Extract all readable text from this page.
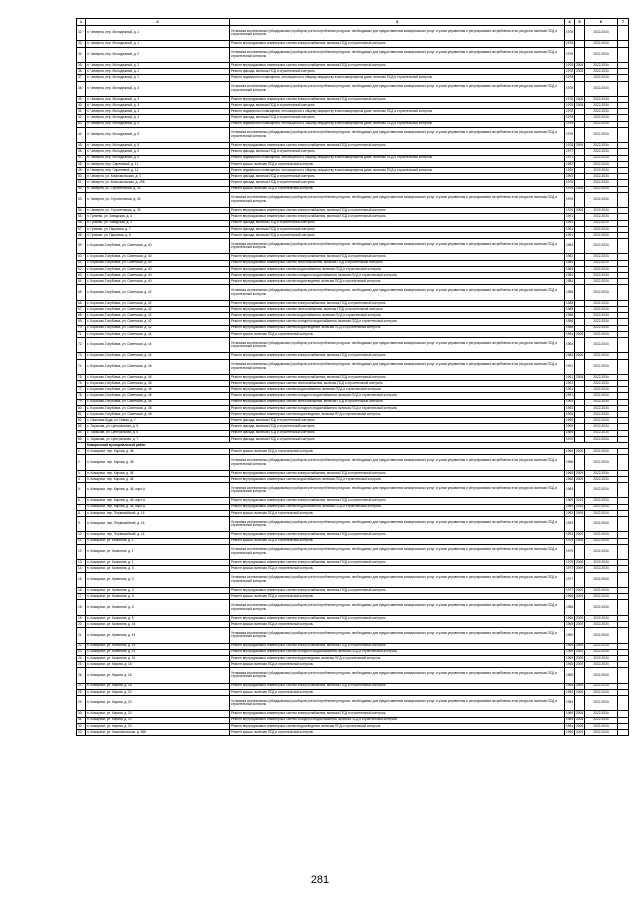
1	2	3	4	5	6	7
32.	п. Чемерна, пер. Молодежный, д. 1	Установка коллективных (общедомовых) приборов учета потребления ресурсов, необходимых для предоставления коммунальных услуг, и узлов управления и регулирования потребления этих ресурсов, включая ПСД и строительный контроль	1978		2022-2034	
33.	п. Чемерна, пер. Молодежный, д. 1	Ремонт внутридомовых инженерных систем электроснабжения, включая ПСД и строительный контроль	1978		2022-2034	
34.	п. Чемерна, пер. Молодежный, д. 2	Установка коллективных (общедомовых) приборов учета потребления ресурсов, необходимых для предоставления коммунальных услуг, и узлов управления и регулирования потребления этих ресурсов, включая ПСД и строительный контроль	1978		2022-2034	
35.	п. Чемерна, пер. Молодежный, д. 2	Ремонт внутридомовых инженерных систем электроснабжения, включая ПСД и строительный контроль	1978	2008	2022-2034	
36.	п. Чемерна, пер. Молодежный, д. 2	Ремонт фасада, включая ПСД и строительный контроль	1978	2008	2022-2034	
37.	п. Чемерна, пер. Молодежный, д. 2	Ремонт подвального помещения, относящегося к общему имуществу в многоквартирном доме, включая ПСД и строительный контроль	1978		2022-2034	
38.	п. Чемерна, пер. Молодежный, д. 3	Установка коллективных (общедомовых) приборов учета потребления ресурсов, необходимых для предоставления коммунальных услуг, и узлов управления и регулирования потребления этих ресурсов, включая ПСД и строительный контроль	1978		2022-2034	
39.	п. Чемерна, пер. Молодежный, д. 3	Ремонт внутридомовых инженерных систем электроснабжения, включая ПСД и строительный контроль	1978	2008	2022-2034	
40.	п. Чемерна, пер. Молодежный, д. 3	Ремонт фасада, включая ПСД и строительный контроль	1978	2008	2022-2034	
41.	п. Чемерна, пер. Молодежный, д. 3	Ремонт подвального помещения, относящегося к общему имуществу в многоквартирном доме, включая ПСД и строительный контроль	1978		2022-2034	
42.	п. Чемерна, пер. Молодежный, д. 4	Ремонт фасада, включая ПСД и строительный контроль	1978		2022-2034	
43.	п. Чемерна, пер. Молодежный, д. 4	Ремонт подвального помещения, относящегося к общему имуществу в многоквартирном доме, включая ПСД и строительный контроль	1978		2022-2034	
44.	п. Чемерна, пер. Молодежный, д. 5	Установка коллективных (общедомовых) приборов учета потребления ресурсов, необходимых для предоставления коммунальных услуг, и узлов управления и регулирования потребления этих ресурсов, включая ПСД и строительный контроль	1978		2022-2034	
45.	п. Чемерна, пер. Молодежный, д. 5	Ремонт внутридомовых инженерных систем электроснабжения, включая ПСД и строительный контроль	1978	2009	2022-2034	
46.	п. Чемерна, пер. Молодежный, д. 5	Ремонт фасада, включая ПСД и строительный контроль	1977		2022-2034	
47.	п. Чемерна, пер. Молодежный, д. 5	Ремонт подвального помещения, относящегося к общему имуществу в многоквартирном доме, включая ПСД и строительный контроль	1977		2022-2034	
48.	п. Чемерна, пер. Сиреневый, д. 12	Ремонт крыши, включая ПСД и строительный контроль	1982		2022-2034	
49.	п. Чемерна, пер. Сиреневый, д. 12	Ремонт подвального помещения, относящегося к общему имуществу в многоквартирном доме, включая ПСД и строительный контроль	1992		2022-2034	
50.	п. Чемерна, ул. Комсомольская, д. 1	Ремонт фасада, включая ПСД и строительный контроль	1992		2022-2034	
51.	п. Чемерна, ул. Комсомольская, д. 25Б	Ремонт фасада, включая ПСД и строительный контроль	1976		2022-2034	
52.	п. Чемерна, ул. Строительная, д. 30	Ремонт крыши, включая ПСД и строительный контроль	1976	2008	2022-2034	
53.	п. Чемерна, ул. Строительная, д. 30	Установка коллективных (общедомовых) приборов учета потребления ресурсов, необходимых для предоставления коммунальных услуг, и узлов управления и регулирования потребления этих ресурсов, включая ПСД и строительный контроль	1976		2022-2034	
54.	п. Чемерна, ул. Строительная, д. 30	Ремонт внутридомовых инженерных систем электроснабжения, включая ПСД и строительный контроль	1976	2008	2022-2034	
55.	п. Гуляево, ул. Заводская, д. 4	Ремонт внутридомовых инженерных систем электроснабжения, включая ПСД и строительный контроль	1991		2022-2034	
56.	п. Гуляево, ул. Заводская, д. 4	Ремонт фасада, включая ПСД и строительный контроль	1991		2022-2034	
57.	п. Гуляево, ул. Парковая, д. 7	Ремонт фасада, включая ПСД и строительный контроль	1991		2022-2034	
58.	п. Гуляево, ул. Парковая, д. 8	Ремонт фасада, включая ПСД и строительный контроль	1991		2022-2034	
59.	с. Корсково-Голубовка, ул. Советская, д. 40	Установка коллективных (общедомовых) приборов учета потребления ресурсов, необходимых для предоставления коммунальных услуг, и узлов управления и регулирования потребления этих ресурсов, включая ПСД и строительный контроль	1984		2022-2034	
60.	с. Корсково-Голубовка, ул. Советская, д. 40	Ремонт внутридомовых инженерных систем электроснабжения, включая ПСД и строительный контроль	1984		2022-2034	
61.	с. Корсково-Голубовка, ул. Советская, д. 40	Ремонт внутридомовых инженерных систем теплоснабжения, включая ПСД и строительный контроль	1984		2022-2034	
62.	с. Корсково-Голубовка, ул. Советская, д. 40	Ремонт внутридомовых инженерных систем водоснабжения, включая ПСД и строительный контроль	1984		2022-2034	
63.	с. Корсково-Голубовка, ул. Советская, д. 40	Ремонт внутридомовых инженерных систем холодного водоснабжения, включая ПСД и строительный контроль	1984		2022-2034	
64.	с. Корсково-Голубовка, ул. Советская, д. 40	Ремонт внутридомовых инженерных систем водоотведения, включая ПСД и строительный контроль	1984		2022-2034	
65.	с. Корсково-Голубовка, ул. Советская, д. 42	Установка коллективных (общедомовых) приборов учета потребления ресурсов, необходимых для предоставления коммунальных услуг, и узлов управления и регулирования потребления этих ресурсов, включая ПСД и строительный контроль	1988		2022-2034	
66.	с. Корсково-Голубовка, ул. Советская, д. 42	Ремонт внутридомовых инженерных систем электроснабжения, включая ПСД и строительный контроль	1988		2022-2034	
67.	с. Корсково-Голубовка, ул. Советская, д. 42	Ремонт внутридомовых инженерных систем теплоснабжения, включая ПСД и строительный контроль	1988		2022-2034	
68.	с. Корсково-Голубовка, ул. Советская, д. 42	Ремонт внутридомовых инженерных систем водоснабжения, включая ПСД и строительный контроль	1988		2022-2034	
69.	с. Корсково-Голубовка, ул. Советская, д. 42	Ремонт внутридомовых инженерных систем холодного водоснабжения, включая ПСД и строительный контроль	1988		2022-2034	
70.	с. Корсково-Голубовка, ул. Советская, д. 42	Ремонт внутридомовых инженерных систем водоотведения, включая ПСД и строительный контроль	1988		2022-2034	
71.	с. Корсково-Голубовка, ул. Советская, д. 44	Ремонт крыши, включая ПСД и строительный контроль	1984	2008	2022-2034	
72.	с. Корсково-Голубовка, ул. Советская, д. 44	Установка коллективных (общедомовых) приборов учета потребления ресурсов, необходимых для предоставления коммунальных услуг, и узлов управления и регулирования потребления этих ресурсов, включая ПСД и строительный контроль	1984		2022-2034	
73.	с. Корсково-Голубовка, ул. Советская, д. 44	Ремонт внутридомовых инженерных систем электроснабжения, включая ПСД и строительный контроль	1984	2008	2022-2034	
74.	с. Корсково-Голубовка, ул. Советская, д. 46	Установка коллективных (общедомовых) приборов учета потребления ресурсов, необходимых для предоставления коммунальных услуг, и узлов управления и регулирования потребления этих ресурсов, включая ПСД и строительный контроль	1991		2022-2034	
75.	с. Корсково-Голубовка, ул. Советская, д. 46	Ремонт внутридомовых инженерных систем электроснабжения, включая ПСД и строительный контроль	1991	2008	2022-2034	
76.	с. Корсково-Голубовка, ул. Советская, д. 46	Ремонт внутридомовых инженерных систем теплоснабжения, включая ПСД и строительный контроль	1991		2022-2034	
77.	с. Корсково-Голубовка, ул. Советская, д. 46	Ремонт внутридомовых инженерных систем водоснабжения, включая ПСД и строительный контроль	1991		2022-2034	
78.	с. Корсково-Голубовка, ул. Советская, д. 46	Ремонт внутридомовых инженерных систем холодного водоснабжения, включая ПСД и строительный контроль	1991		2022-2034	
79.	с. Корсково-Голубовка, ул. Советская, д. 48	Ремонт внутридомовых инженерных систем теплоснабжения, включая ПСД и строительный контроль	1993		2022-2034	
80.	с. Корсково-Голубовка, ул. Советская, д. 48	Ремонт внутридомовых инженерных систем холодного водоснабжения, включая ПСД и строительный контроль	1993		2022-2034	
81.	с. Корсково-Голубовка, ул. Советская, д. 48	Ремонт внутридомовых инженерных систем водоотведения, включая ПСД и строительный контроль	1993		2022-2034	
82.	с. Святовая Буда, ул. Новая, д. 7	Ремонт фасада, включая ПСД и строительный контроль	1969		2022-2034	
83.	с. Тарасова, ул. Центральная, д. 5	Ремонт фасада, включая ПСД и строительный контроль	1969		2022-2034	
84.	с. Тарасова, ул. Центральная, д. 6	Ремонт фасада, включая ПСД и строительный контроль	1969		2022-2034	
85.	с. Тарасова, ул. Центральная, д. 7	Ремонт фасада, включая ПСД и строительный контроль	1970		2022-2034	
	Комаричский муниципальный район					
1.	п. Комаричи, пер. Кирова, д. 48	Ремонт крыши, включая ПСД и строительный контроль	1968	2008	2022-2034	
2.	п. Комаричи, пер. Кирова, д. 48	Установка коллективных (общедомовых) приборов учета потребления ресурсов, необходимых для предоставления коммунальных услуг, и узлов управления и регулирования потребления этих ресурсов, включая ПСД и строительный контроль	1968		2022-2034	
3.	п. Комаричи, пер. Кирова, д. 48	Ремонт внутридомовых инженерных систем электроснабжения, включая ПСД и строительный контроль	1968	2009	2022-2034	
4.	п. Комаричи, пер. Кирова, д. 48	Ремонт внутридомовых инженерных систем водоснабжения, включая ПСД и строительный контроль	1968	2009	2022-2034	
5.	п. Комаричи, пер. Кирова, д. 48, корп.А	Установка коллективных (общедомовых) приборов учета потребления ресурсов, необходимых для предоставления коммунальных услуг, и узлов управления и регулирования потребления этих ресурсов, включая ПСД и строительный контроль	1969		2022-2034	
6.	п. Комаричи, пер. Кирова, д. 48, корп.А	Ремонт внутридомовых инженерных систем электроснабжения, включая ПСД и строительный контроль	1969	2015	2022-2034	
7.	п. Комаричи, пер. Кирова, д. 48, корп.А	Ремонт внутридомовых инженерных систем водоснабжения, включая ПСД и строительный контроль	1969	2015	2022-2034	
8.	п. Комаричи, пер. Первомайский, д. 15	Ремонт крыши, включая ПСД и строительный контроль	1993	2009	2022-2034	
9.	п. Комаричи, пер. Первомайский, д. 15	Установка коллективных (общедомовых) приборов учета потребления ресурсов, необходимых для предоставления коммунальных услуг, и узлов управления и регулирования потребления этих ресурсов, включая ПСД и строительный контроль	1993		2022-2034	
10.	п. Комаричи, пер. Первомайский, д. 15	Ремонт внутридомовых инженерных систем электроснабжения, включая ПСД и строительный контроль	1993	2009	2022-2034	
11.	п. Комаричи, ул. Калинина, д. 1	Ремонт крыши, включая ПСД и строительный контроль	1975	2008	2022-2034	
12.	п. Комаричи, ул. Калинина, д. 1	Установка коллективных (общедомовых) приборов учета потребления ресурсов, необходимых для предоставления коммунальных услуг, и узлов управления и регулирования потребления этих ресурсов, включая ПСД и строительный контроль	1975		2022-2034	
13.	п. Комаричи, ул. Калинина, д. 1	Ремонт внутридомовых инженерных систем электроснабжения, включая ПСД и строительный контроль	1975	2008	2022-2034	
14.	п. Комаричи, ул. Калинина, д. 3	Ремонт крыши, включая ПСД и строительный контроль	1977	2009	2022-2034	
15.	п. Комаричи, ул. Калинина, д. 3	Установка коллективных (общедомовых) приборов учета потребления ресурсов, необходимых для предоставления коммунальных услуг, и узлов управления и регулирования потребления этих ресурсов, включая ПСД и строительный контроль	1977		2022-2034	
16.	п. Комаричи, ул. Калинина, д. 3	Ремонт внутридомовых инженерных систем электроснабжения, включая ПСД и строительный контроль	1977	2009	2022-2034	
17.	п. Комаричи, ул. Калинина, д. 5	Ремонт крыши, включая ПСД и строительный контроль	1968	2009	2022-2034	
18.	п. Комаричи, ул. Калинина, д. 5	Установка коллективных (общедомовых) приборов учета потребления ресурсов, необходимых для предоставления коммунальных услуг, и узлов управления и регулирования потребления этих ресурсов, включая ПСД и строительный контроль	1968		2022-2034	
19.	п. Комаричи, ул. Калинина, д. 5	Ремонт внутридомовых инженерных систем электроснабжения, включая ПСД и строительный контроль	1968	2009	2022-2034	
20.	п. Комаричи, ул. Калинина, д. 15	Ремонт крыши, включая ПСД и строительный контроль	1969	2009	2022-2034	
21.	п. Комаричи, ул. Калинина, д. 15	Установка коллективных (общедомовых) приборов учета потребления ресурсов, необходимых для предоставления коммунальных услуг, и узлов управления и регулирования потребления этих ресурсов, включая ПСД и строительный контроль	1969		2022-2034	
22.	п. Комаричи, ул. Калинина, д. 15	Ремонт внутридомовых инженерных систем электроснабжения, включая ПСД и строительный контроль	1969	2009	2022-2034	
23.	п. Комаричи, ул. Калинина, д. 15	Ремонт внутридомовых инженерных систем холодного водоснабжения, включая ПСД и строительный контроль	1969	2009	2022-2034	
24.	п. Комаричи, ул. Калинина, д. 15	Ремонт внутридомовых инженерных систем водоотведения, включая ПСД и строительный контроль	1969	2009	2022-2034	
25.	п. Комаричи, ул. Кирова, д. 18	Ремонт крыши, включая ПСД и строительный контроль	1965	2009	2022-2034	
26.	п. Комаричи, ул. Кирова, д. 18	Установка коллективных (общедомовых) приборов учета потребления ресурсов, необходимых для предоставления коммунальных услуг, и узлов управления и регулирования потребления этих ресурсов, включая ПСД и строительный контроль	1965		2022-2034	
27.	п. Комаричи, ул. Кирова, д. 18	Ремонт внутридомовых инженерных систем электроснабжения, включая ПСД и строительный контроль	1965	2009	2022-2034	
28.	п. Комаричи, ул. Кирова, д. 20	Ремонт крыши, включая ПСД и строительный контроль	1984	2008	2022-2034	
29.	п. Комаричи, ул. Кирова, д. 20	Установка коллективных (общедомовых) приборов учета потребления ресурсов, необходимых для предоставления коммунальных услуг, и узлов управления и регулирования потребления этих ресурсов, включая ПСД и строительный контроль	1984		2022-2034	
30.	п. Комаричи, ул. Кирова, д. 20	Ремонт внутридомовых инженерных систем электроснабжения, включая ПСД и строительный контроль	1984	2008	2022-2034	
31.	п. Комаричи, ул. Кирова, д. 20	Ремонт внутридомовых инженерных систем холодного водоснабжения, включая ПСД и строительный контроль	1984	2008	2022-2034	
32.	п. Комаричи, ул. Кирова, д. 20	Ремонт внутридомовых инженерных систем водоотведения, включая ПСД и строительный контроль	1984	2008	2022-2034	
33.	п. Комаричи, ул. Комсомольская, д. 55Б	Ремонт крыши, включая ПСД и строительный контроль	1965	2009	2022-2034	
281
